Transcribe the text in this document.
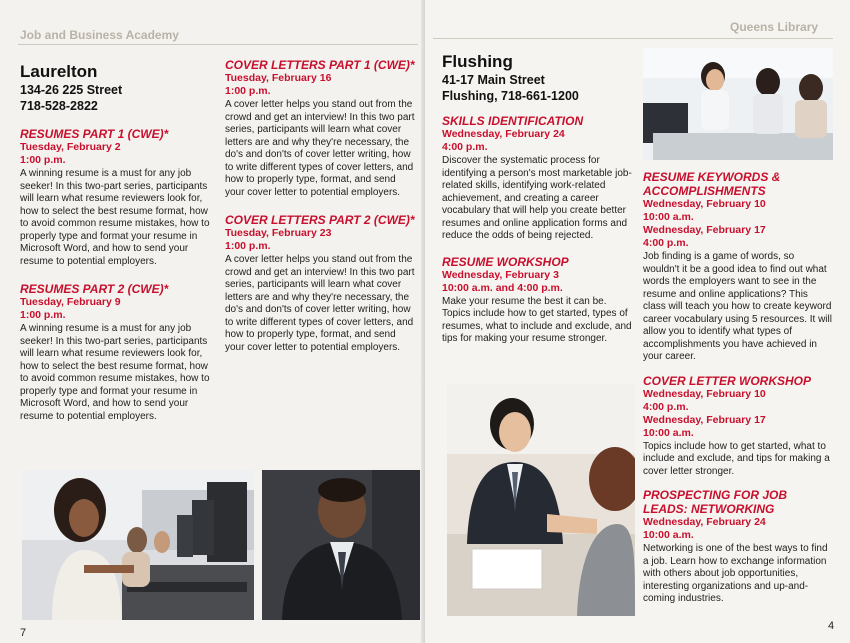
Job and Business Academy
Laurelton
134-26 225 Street
718-528-2822
RESUMES PART 1 (CWE)*
Tuesday, February 2
1:00 p.m.
A winning resume is a must for any job seeker! In this two-part series, participants will learn what resume reviewers look for, how to select the best resume format, how to avoid common resume mistakes, how to properly type and format your resume in Microsoft Word, and how to send your resume to potential employers.
RESUMES PART 2 (CWE)*
Tuesday, February 9
1:00 p.m.
A winning resume is a must for any job seeker! In this two-part series, participants will learn what resume reviewers look for, how to select the best resume format, how to avoid common resume mistakes, how to properly type and format your resume in Microsoft Word, and how to send your resume to potential employers.
COVER LETTERS PART 1 (CWE)*
Tuesday, February 16
1:00 p.m.
A cover letter helps you stand out from the crowd and get an interview! In this two part series, participants will learn what cover letters are and why they're necessary, the do's and don'ts of cover letter writing, how to write different types of cover letters, and how to properly type, format, and send your cover letter to potential employers.
COVER LETTERS PART 2 (CWE)*
Tuesday, February 23
1:00 p.m.
A cover letter helps you stand out from the crowd and get an interview! In this two part series, participants will learn what cover letters are and why they're necessary, the do's and don'ts of cover letter writing, how to write different types of cover letters, and how to properly type, format, and send your cover letter to potential employers.
7
Queens Library
Flushing
41-17 Main Street
Flushing, 718-661-1200
SKILLS IDENTIFICATION
Wednesday, February 24
4:00 p.m.
Discover the systematic process for identifying a person's most marketable job-related skills, identifying work-related achievement, and creating a career vocabulary that will help you create better resumes and online application forms and reduce the odds of being rejected.
RESUME WORKSHOP
Wednesday, February 3
10:00 a.m. and 4:00 p.m.
Make your resume the best it can be. Topics include how to get started, types of resumes, what to include and exclude, and tips for making your resume stronger.
RESUME KEYWORDS & ACCOMPLISHMENTS
Wednesday, February 10
10:00 a.m.
Wednesday, February 17
4:00 p.m.
Job finding is a game of words, so wouldn't it be a good idea to find out what words the employers want to see in the resume and online applications? This class will teach you how to create keyword career vocabulary using 5 resources. It will allow you to identify what types of accomplishments you have achieved in your career.
COVER LETTER WORKSHOP
Wednesday, February 10
4:00 p.m.
Wednesday, February 17
10:00 a.m.
Topics include how to get started, what to include and exclude, and tips for making a cover letter stronger.
PROSPECTING FOR JOB LEADS: NETWORKING
Wednesday, February 24
10:00 a.m.
Networking is one of the best ways to find a job. Learn how to exchange information with others about job opportunities, interesting organizations and up-and-coming industries.
4
